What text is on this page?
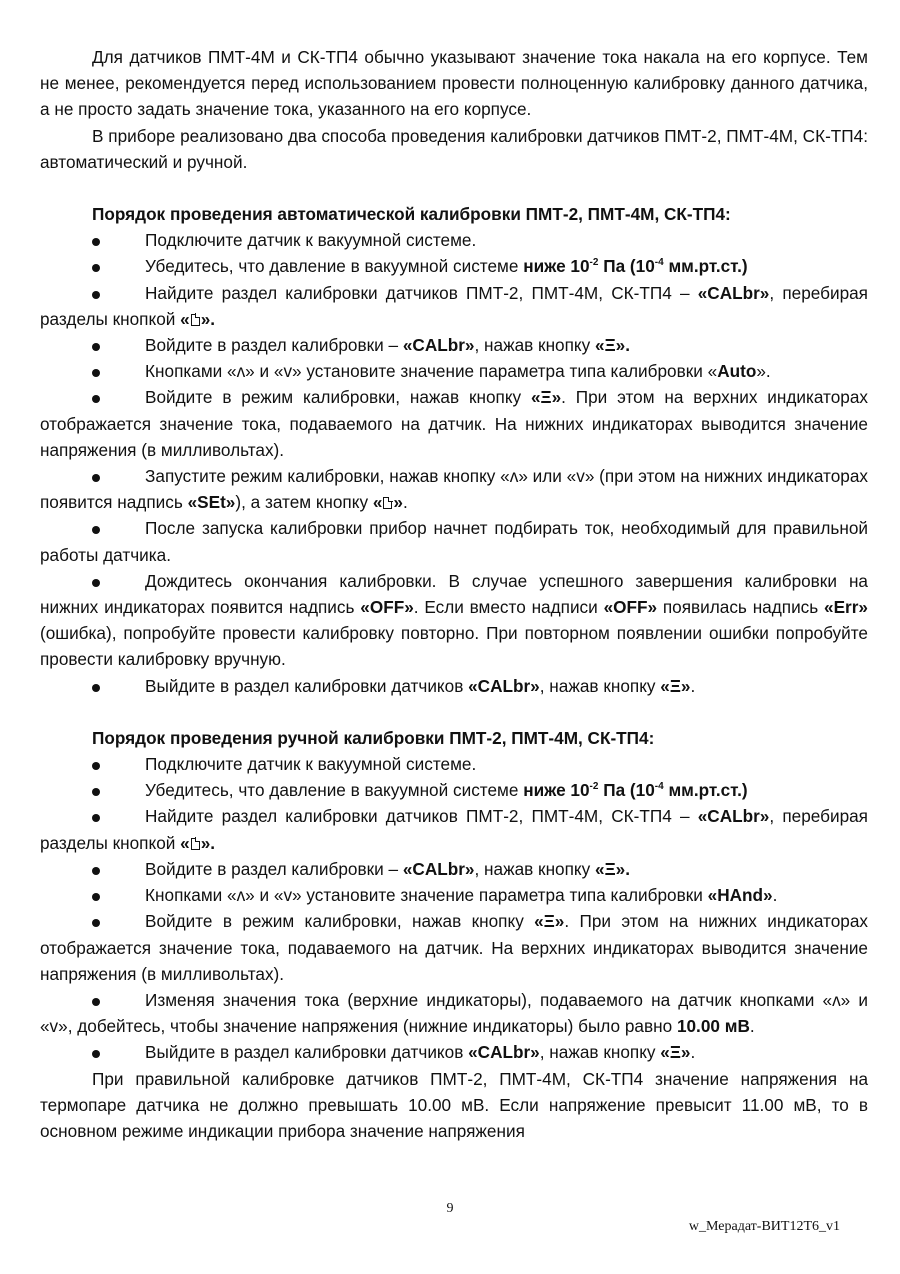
Для датчиков ПМТ-4М и СК-ТП4 обычно указывают значение тока накала на его корпусе. Тем не менее, рекомендуется перед использованием провести полноценную калибровку данного датчика, а не просто задать значение тока, указанного на его корпусе.

В приборе реализовано два способа проведения калибровки датчиков ПМТ-2, ПМТ-4М, СК-ТП4: автоматический и ручной.

Порядок проведения автоматической калибровки ПМТ-2, ПМТ-4М, СК-ТП4:

Подключите датчик к вакуумной системе.

Убедитесь, что давление в вакуумной системе ниже $10^{-2}$ Па ($10^{-4}$ мм.рт.ст.)

Найдите раздел калибровки датчиков ПМТ-2, ПМТ-4М, СК-ТП4 – «CALbr», перебирая разделы кнопкой « ».

Войдите в раздел калибровки – «CALbr», нажав кнопку «Ξ».

Кнопками «ʌ» и «v» установите значение параметра типа калибровки «Auto».

Войдите в режим калибровки, нажав кнопку «Ξ». При этом на верхних индикаторах отображается значение тока, подаваемого на датчик. На нижних индикаторах выводится значение напряжения (в милливольтах).

Запустите режим калибровки, нажав кнопку «ʌ» или «v» (при этом на нижних индикаторах появится надпись «SEt»), а затем кнопку « ».

После запуска калибровки прибор начнет подбирать ток, необходимый для правильной работы датчика.

Дождитесь окончания калибровки. В случае успешного завершения калибровки на нижних индикаторах появится надпись «OFF». Если вместо надписи «OFF» появилась надпись «Err» (ошибка), попробуйте провести калибровку повторно. При повторном появлении ошибки попробуйте провести калибровку вручную.

Выйдите в раздел калибровки датчиков «CALbr», нажав кнопку «Ξ».

Порядок проведения ручной калибровки ПМТ-2, ПМТ-4М, СК-ТП4:

Подключите датчик к вакуумной системе.

Убедитесь, что давление в вакуумной системе ниже $10^{-2}$ Па ($10^{-4}$ мм.рт.ст.)

Найдите раздел калибровки датчиков ПМТ-2, ПМТ-4М, СК-ТП4 – «CALbr», перебирая разделы кнопкой « ».

Войдите в раздел калибровки – «CALbr», нажав кнопку «Ξ».

Кнопками «ʌ» и «v» установите значение параметра типа калибровки «HAnd».

Войдите в режим калибровки, нажав кнопку «Ξ». При этом на нижних индикаторах отображается значение тока, подаваемого на датчик. На верхних индикаторах выводится значение напряжения (в милливольтах).

Изменяя значения тока (верхние индикаторы), подаваемого на датчик кнопками «ʌ» и «v», добейтесь, чтобы значение напряжения (нижние индикаторы) было равно 10.00 мВ.

Выйдите в раздел калибровки датчиков «CALbr», нажав кнопку «Ξ».

При правильной калибровке датчиков ПМТ-2, ПМТ-4М, СК-ТП4 значение напряжения на термопаре датчика не должно превышать 10.00 мВ. Если напряжение превысит 11.00 мВ, то в основном режиме индикации прибора значение напряжения

9
w_Мерадат-ВИТ12Т6_v1
